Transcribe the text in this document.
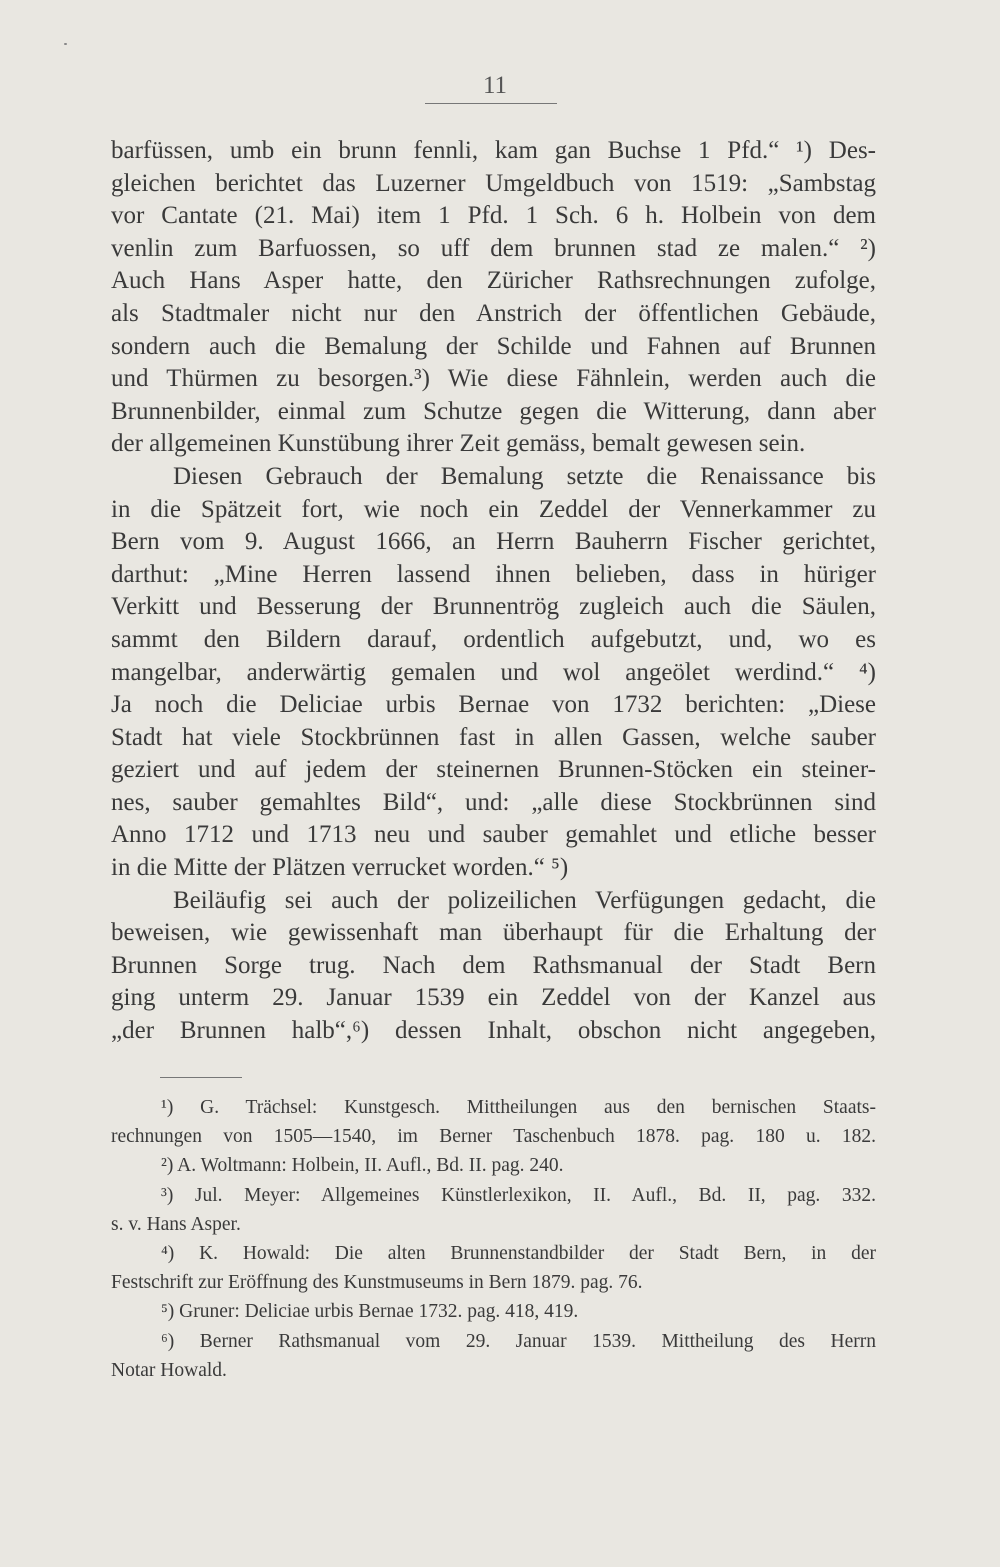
11
barfüssen, umb ein brunn fennli, kam gan Buchse 1 Pfd.“ ¹) Des-
gleichen berichtet das Luzerner Umgeldbuch von 1519: „Sambstag
vor Cantate (21. Mai) item 1 Pfd. 1 Sch. 6 h. Holbein von dem
venlin zum Barfuossen, so uff dem brunnen stad ze malen.“ ²)
Auch Hans Asper hatte, den Züricher Rathsrechnungen zufolge,
als Stadtmaler nicht nur den Anstrich der öffentlichen Gebäude,
sondern auch die Bemalung der Schilde und Fahnen auf Brunnen
und Thürmen zu besorgen.³) Wie diese Fähnlein, werden auch die
Brunnenbilder, einmal zum Schutze gegen die Witterung, dann aber
der allgemeinen Kunstübung ihrer Zeit gemäss, bemalt gewesen sein.
Diesen Gebrauch der Bemalung setzte die Renaissance bis
in die Spätzeit fort, wie noch ein Zeddel der Vennerkammer zu
Bern vom 9. August 1666, an Herrn Bauherrn Fischer gerichtet,
darthut: „Mine Herren lassend ihnen belieben, dass in hüriger
Verkitt und Besserung der Brunnentrög zugleich auch die Säulen,
sammt den Bildern darauf, ordentlich aufgebutzt, und, wo es
mangelbar, anderwärtig gemalen und wol angeölet werdind.“ ⁴)
Ja noch die Deliciae urbis Bernae von 1732 berichten: „Diese
Stadt hat viele Stockbrünnen fast in allen Gassen, welche sauber
geziert und auf jedem der steinernen Brunnen-Stöcken ein steiner-
nes, sauber gemahltes Bild“, und: „alle diese Stockbrünnen sind
Anno 1712 und 1713 neu und sauber gemahlet und etliche besser
in die Mitte der Plätzen verrucket worden.“ ⁵)
Beiläufig sei auch der polizeilichen Verfügungen gedacht, die
beweisen, wie gewissenhaft man überhaupt für die Erhaltung der
Brunnen Sorge trug. Nach dem Rathsmanual der Stadt Bern
ging unterm 29. Januar 1539 ein Zeddel von der Kanzel aus
„der Brunnen halb“,⁶) dessen Inhalt, obschon nicht angegeben,
¹) G. Trächsel: Kunstgesch. Mittheilungen aus den bernischen Staats-
rechnungen von 1505—1540, im Berner Taschenbuch 1878. pag. 180 u. 182.
²) A. Woltmann: Holbein, II. Aufl., Bd. II. pag. 240.
³) Jul. Meyer: Allgemeines Künstlerlexikon, II. Aufl., Bd. II, pag. 332.
s. v. Hans Asper.
⁴) K. Howald: Die alten Brunnenstandbilder der Stadt Bern, in der
Festschrift zur Eröffnung des Kunstmuseums in Bern 1879. pag. 76.
⁵) Gruner: Deliciae urbis Bernae 1732. pag. 418, 419.
⁶) Berner Rathsmanual vom 29. Januar 1539. Mittheilung des Herrn
Notar Howald.
